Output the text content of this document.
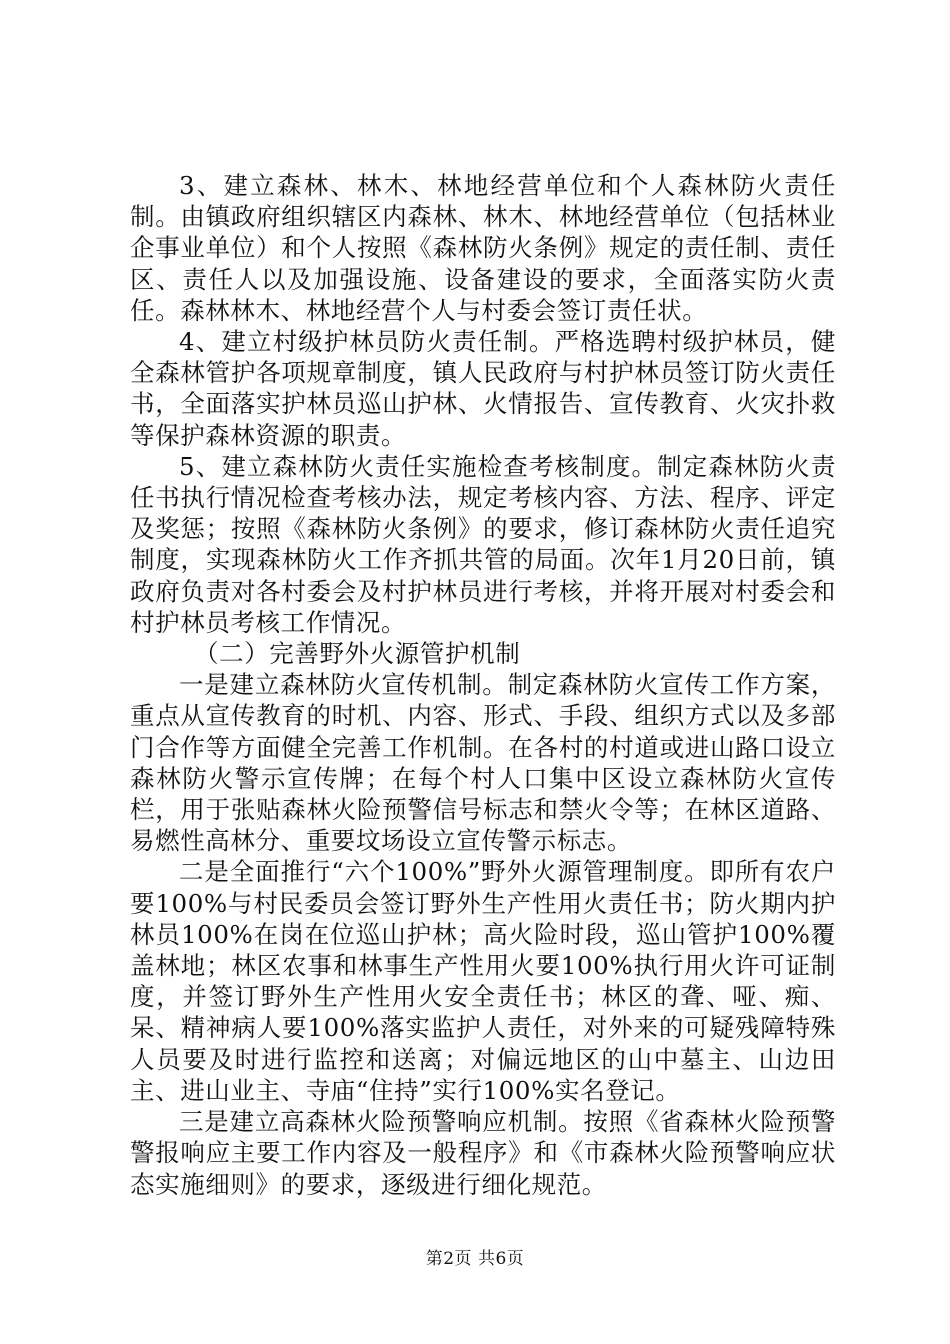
3、建立森林、林木、林地经营单位和个人森林防火责任制。由镇政府组织辖区内森林、林木、林地经营单位（包括林业企事业单位）和个人按照《森林防火条例》规定的责任制、责任区、责任人以及加强设施、设备建设的要求，全面落实防火责任。森林林木、林地经营个人与村委会签订责任状。

4、建立村级护林员防火责任制。严格选聘村级护林员，健全森林管护各项规章制度，镇人民政府与村护林员签订防火责任书，全面落实护林员巡山护林、火情报告、宣传教育、火灾扑救等保护森林资源的职责。

5、建立森林防火责任实施检查考核制度。制定森林防火责任书执行情况检查考核办法，规定考核内容、方法、程序、评定及奖惩；按照《森林防火条例》的要求，修订森林防火责任追究制度，实现森林防火工作齐抓共管的局面。次年1月20日前，镇政府负责对各村委会及村护林员进行考核，并将开展对村委会和村护林员考核工作情况。

（二）完善野外火源管护机制

一是建立森林防火宣传机制。制定森林防火宣传工作方案，重点从宣传教育的时机、内容、形式、手段、组织方式以及多部门合作等方面健全完善工作机制。在各村的村道或进山路口设立森林防火警示宣传牌；在每个村人口集中区设立森林防火宣传栏，用于张贴森林火险预警信号标志和禁火令等；在林区道路、易燃性高林分、重要坟场设立宣传警示标志。

二是全面推行“六个100%”野外火源管理制度。即所有农户要100%与村民委员会签订野外生产性用火责任书；防火期内护林员100%在岗在位巡山护林；高火险时段，巡山管护100%覆盖林地；林区农事和林事生产性用火要100%执行用火许可证制度，并签订野外生产性用火安全责任书；林区的聋、哑、痴、呆、精神病人要100%落实监护人责任，对外来的可疑残障特殊人员要及时进行监控和送离；对偏远地区的山中墓主、山边田主、进山业主、寺庙“住持”实行100%实名登记。

三是建立高森林火险预警响应机制。按照《省森林火险预警警报响应主要工作内容及一般程序》和《市森林火险预警响应状态实施细则》的要求，逐级进行细化规范。

第2页 共6页
